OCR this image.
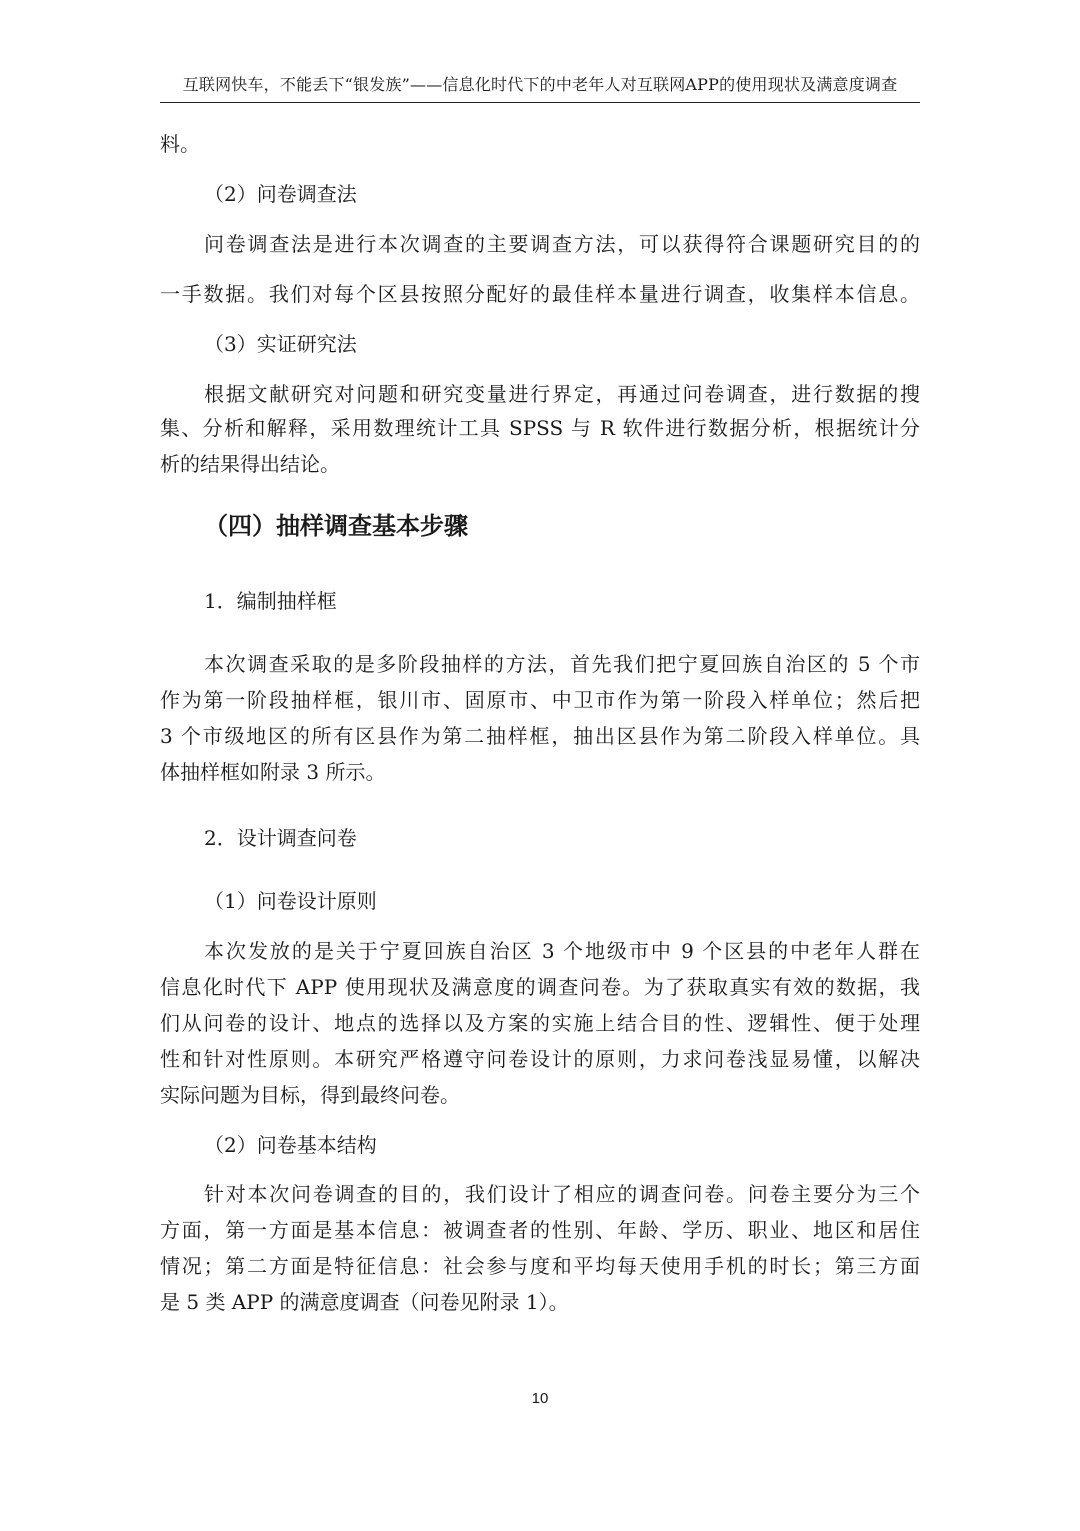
互联网快车，不能丢下“银发族”——信息化时代下的中老年人对互联网APP的使用现状及满意度调查
料。
（2）问卷调查法
问卷调查法是进行本次调查的主要调查方法，可以获得符合课题研究目的的
一手数据。我们对每个区县按照分配好的最佳样本量进行调查，收集样本信息。
（3）实证研究法
根据文献研究对问题和研究变量进行界定，再通过问卷调查，进行数据的搜
集、分析和解释，采用数理统计工具 SPSS 与 R 软件进行数据分析，根据统计分
析的结果得出结论。
（四）抽样调查基本步骤
1．编制抽样框
本次调查采取的是多阶段抽样的方法，首先我们把宁夏回族自治区的 5 个市
作为第一阶段抽样框，银川市、固原市、中卫市作为第一阶段入样单位；然后把
3 个市级地区的所有区县作为第二抽样框，抽出区县作为第二阶段入样单位。具
体抽样框如附录 3 所示。
2．设计调查问卷
（1）问卷设计原则
本次发放的是关于宁夏回族自治区 3 个地级市中 9 个区县的中老年人群在
信息化时代下 APP 使用现状及满意度的调查问卷。为了获取真实有效的数据，我
们从问卷的设计、地点的选择以及方案的实施上结合目的性、逻辑性、便于处理
性和针对性原则。本研究严格遵守问卷设计的原则，力求问卷浅显易懂，以解决
实际问题为目标，得到最终问卷。
（2）问卷基本结构
针对本次问卷调查的目的，我们设计了相应的调查问卷。问卷主要分为三个
方面，第一方面是基本信息：被调查者的性别、年龄、学历、职业、地区和居住
情况；第二方面是特征信息：社会参与度和平均每天使用手机的时长；第三方面
是 5 类 APP 的满意度调查（问卷见附录 1）。
10
